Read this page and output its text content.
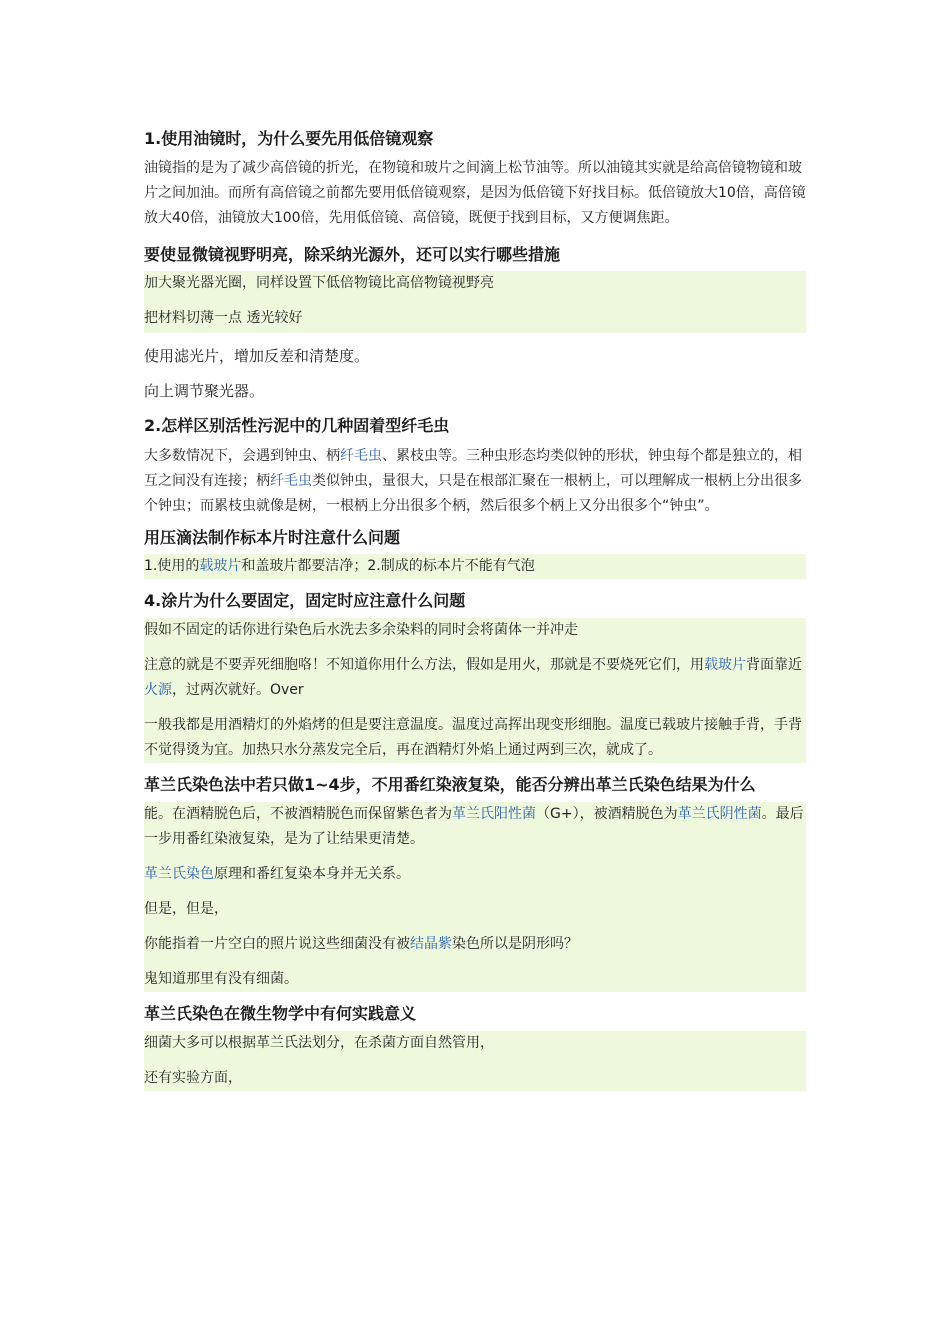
1.使用油镜时，为什么要先用低倍镜观察

油镜指的是为了减少高倍镜的折光，在物镜和玻片之间滴上松节油等。所以油镜其实就是给高倍镜物镜和玻片之间加油。而所有高倍镜之前都先要用低倍镜观察，是因为低倍镜下好找目标。低倍镜放大10倍，高倍镜放大40倍，油镜放大100倍，先用低倍镜、高倍镜，既便于找到目标，又方便调焦距。

要使显微镜视野明亮，除采纳光源外，还可以实行哪些措施

加大聚光器光圈，同样设置下低倍物镜比高倍物镜视野亮

把材料切薄一点 透光较好

使用滤光片，增加反差和清楚度。

向上调节聚光器。

2.怎样区别活性污泥中的几种固着型纤毛虫

大多数情况下，会遇到钟虫、柄纤毛虫、累枝虫等。三种虫形态均类似钟的形状，钟虫每个都是独立的，相互之间没有连接；柄纤毛虫类似钟虫，量很大，只是在根部汇聚在一根柄上，可以理解成一根柄上分出很多个钟虫；而累枝虫就像是树，一根柄上分出很多个柄，然后很多个柄上又分出很多个“钟虫”。

用压滴法制作标本片时注意什么问题

1.使用的载玻片和盖玻片都要洁净；2.制成的标本片不能有气泡

4.涂片为什么要固定，固定时应注意什么问题

假如不固定的话你进行染色后水洗去多余染料的同时会将菌体一并冲走

注意的就是不要弄死细胞咯！不知道你用什么方法，假如是用火，那就是不要烧死它们，用载玻片背面靠近火源，过两次就好。Over

一般我都是用酒精灯的外焰烤的但是要注意温度。温度过高挥出现变形细胞。温度已载玻片接触手背，手背不觉得烫为宜。加热只水分蒸发完全后，再在酒精灯外焰上通过两到三次，就成了。

革兰氏染色法中若只做1~4步，不用番红染液复染，能否分辨出革兰氏染色结果为什么

能。在酒精脱色后，不被酒精脱色而保留紫色者为革兰氏阳性菌（G+），被酒精脱色为革兰氏阴性菌。最后一步用番红染液复染，是为了让结果更清楚。

革兰氏染色原理和番红复染本身并无关系。

但是，但是，

你能指着一片空白的照片说这些细菌没有被结晶紫染色所以是阴形吗？

鬼知道那里有没有细菌。

革兰氏染色在微生物学中有何实践意义

细菌大多可以根据革兰氏法划分，在杀菌方面自然管用，

还有实验方面，
